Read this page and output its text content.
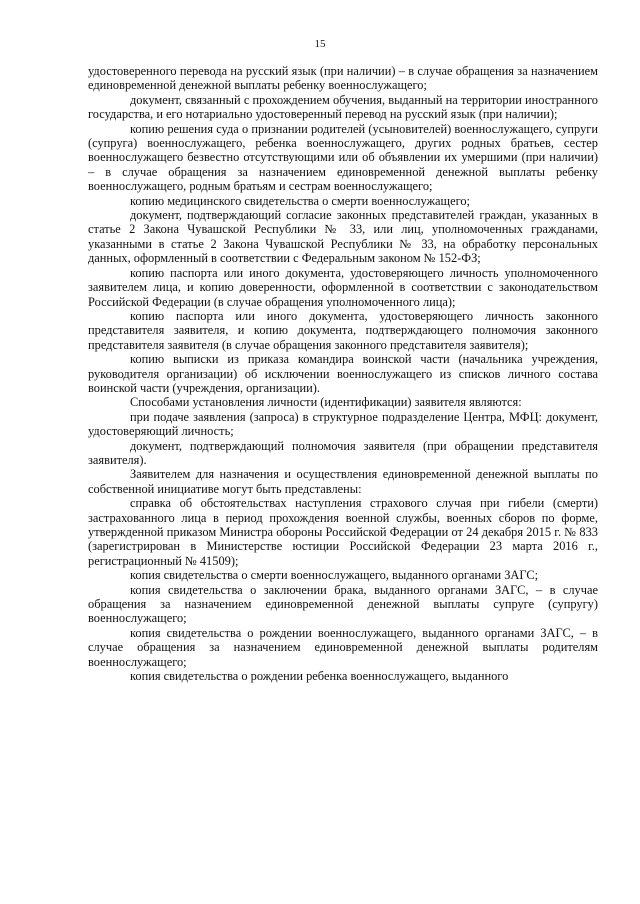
15

удостоверенного перевода на русский язык (при наличии) – в случае обращения за назначением единовременной денежной выплаты ребенку военнослужащего;

документ, связанный с прохождением обучения, выданный на территории иностранного государства, и его нотариально удостоверенный перевод на русский язык (при наличии);

копию решения суда о признании родителей (усыновителей) военнослужащего, супруги (супруга) военнослужащего, ребенка военнослужащего, других родных братьев, сестер военнослужащего безвестно отсутствующими или об объявлении их умершими (при наличии) – в случае обращения за назначением единовременной денежной выплаты ребенку военнослужащего, родным братьям и сестрам военнослужащего;

копию медицинского свидетельства о смерти военнослужащего;

документ, подтверждающий согласие законных представителей граждан, указанных в статье 2 Закона Чувашской Республики № 33, или лиц, уполномоченных гражданами, указанными в статье 2 Закона Чувашской Республики № 33, на обработку персональных данных, оформленный в соответствии с Федеральным законом № 152-ФЗ;

копию паспорта или иного документа, удостоверяющего личность уполномоченного заявителем лица, и копию доверенности, оформленной в соответствии с законодательством Российской Федерации (в случае обращения уполномоченного лица);

копию паспорта или иного документа, удостоверяющего личность законного представителя заявителя, и копию документа, подтверждающего полномочия законного представителя заявителя (в случае обращения законного представителя заявителя);

копию выписки из приказа командира воинской части (начальника учреждения, руководителя организации) об исключении военнослужащего из списков личного состава воинской части (учреждения, организации).

Способами установления личности (идентификации) заявителя являются:

при подаче заявления (запроса) в структурное подразделение Центра, МФЦ: документ, удостоверяющий личность;

документ, подтверждающий полномочия заявителя (при обращении представителя заявителя).

Заявителем для назначения и осуществления единовременной денежной выплаты по собственной инициативе могут быть представлены:

справка об обстоятельствах наступления страхового случая при гибели (смерти) застрахованного лица в период прохождения военной службы, военных сборов по форме, утвержденной приказом Министра обороны Российской Федерации от 24 декабря 2015 г. № 833 (зарегистрирован в Министерстве юстиции Российской Федерации 23 марта 2016 г., регистрационный № 41509);

копия свидетельства о смерти военнослужащего, выданного органами ЗАГС;

копия свидетельства о заключении брака, выданного органами ЗАГС, – в случае обращения за назначением единовременной денежной выплаты супруге (супругу) военнослужащего;

копия свидетельства о рождении военнослужащего, выданного органами ЗАГС, – в случае обращения за назначением единовременной денежной выплаты родителям военнослужащего;

копия свидетельства о рождении ребенка военнослужащего, выданного
